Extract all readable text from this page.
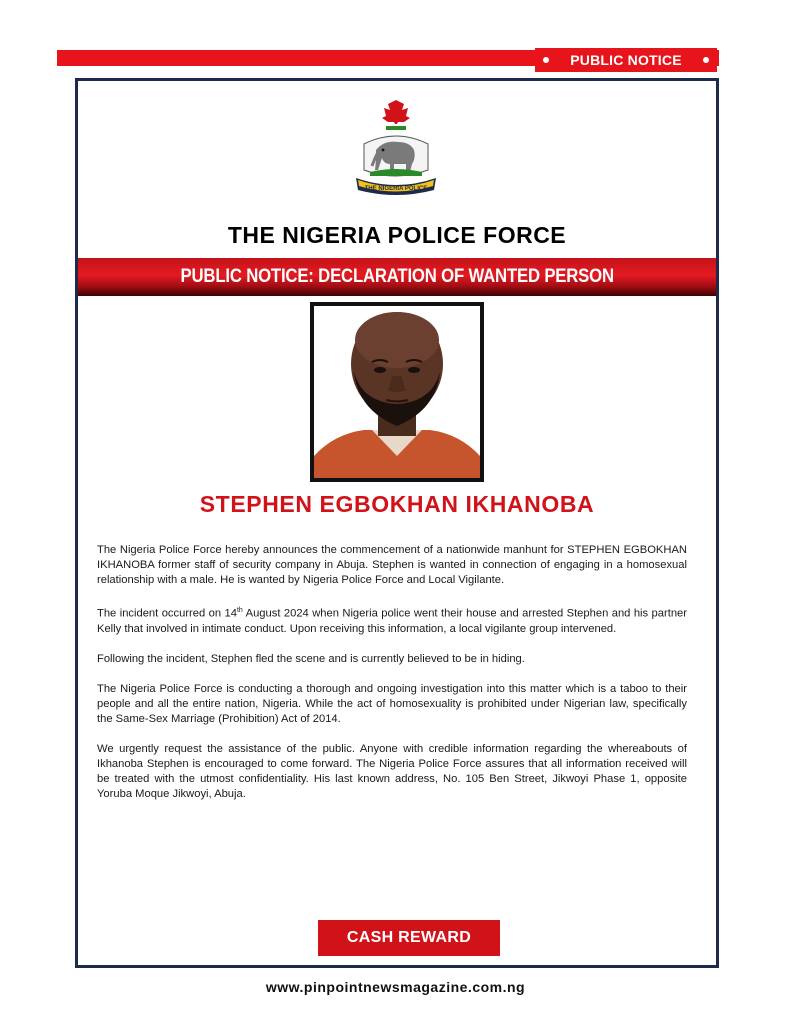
PUBLIC NOTICE
THE NIGERIA POLICE
THE NIGERIA POLICE FORCE
PUBLIC NOTICE: DECLARATION OF WANTED PERSON
STEPHEN EGBOKHAN IKHANOBA

The Nigeria Police Force hereby announces the commencement of a nationwide manhunt for STEPHEN EGBOKHAN IKHANOBA former staff of security company in Abuja. Stephen is wanted in connection of engaging in a homosexual relationship with a male. He is wanted by Nigeria Police Force and Local Vigilante.

The incident occurred on 14th August 2024 when Nigeria police went their house and arrested Stephen and his partner Kelly that involved in intimate conduct. Upon receiving this information, a local vigilante group intervened.

Following the incident, Stephen fled the scene and is currently believed to be in hiding.

The Nigeria Police Force is conducting a thorough and ongoing investigation into this matter which is a taboo to their people and all the entire nation, Nigeria. While the act of homosexuality is prohibited under Nigerian law, specifically the Same-Sex Marriage (Prohibition) Act of 2014.

We urgently request the assistance of the public. Anyone with credible information regarding the whereabouts of Ikhanoba Stephen is encouraged to come forward. The Nigeria Police Force assures that all information received will be treated with the utmost confidentiality. His last known address, No. 105 Ben Street, Jikwoyi Phase 1, opposite Yoruba Moque Jikwoyi, Abuja.

CASH REWARD
www.pinpointnewsmagazine.com.ng
